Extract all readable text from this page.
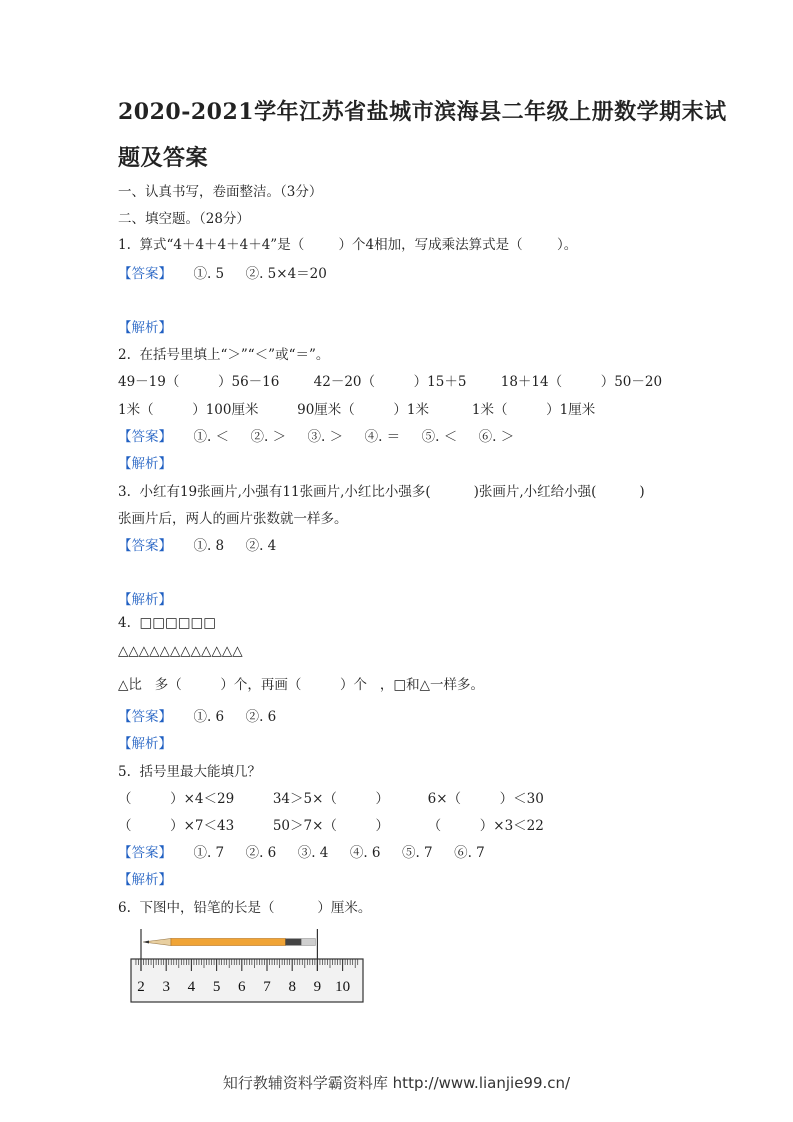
2020-2021学年江苏省盐城市滨海县二年级上册数学期末试
题及答案
一、认真书写，卷面整洁。（3分）
二、填空题。（28分）
1.  算式“4＋4＋4＋4＋4”是（        ）个4相加，写成乘法算式是（        ）。
【答案】     ①. 5     ②. 5×4＝20
【解析】
2.  在括号里填上“＞”“＜”或“＝”。
49－19（         ）56－16        42－20（         ）15＋5        18＋14（         ）50－20
1米（         ）100厘米         90厘米（         ）1米          1米（         ）1厘米
【答案】     ①. ＜     ②. ＞     ③. ＞     ④. ＝     ⑤. ＜     ⑥. ＞
【解析】
3.  小红有19张画片,小强有11张画片,小红比小强多(          )张画片,小红给小强(          )
张画片后，两人的画片张数就一样多。
【答案】     ①. 8     ②. 4
【解析】
4.  □□□□□□
△△△△△△△△△△△△
△比   多（         ）个，再画（         ）个   ，□和△一样多。
【答案】     ①. 6     ②. 6
【解析】
5.  括号里最大能填几？
（         ）×4＜29         34＞5×（         ）         6×（         ）＜30
（         ）×7＜43         50＞7×（         ）         （         ）×3＜22
【答案】     ①. 7     ②. 6     ③. 4     ④. 6     ⑤. 7     ⑥. 7
【解析】
6.  下图中，铅笔的长是（          ）厘米。
2 3 4 5 6 7 8 9 10
知行教辅资料学霸资料库 http://www.lianjie99.cn/
